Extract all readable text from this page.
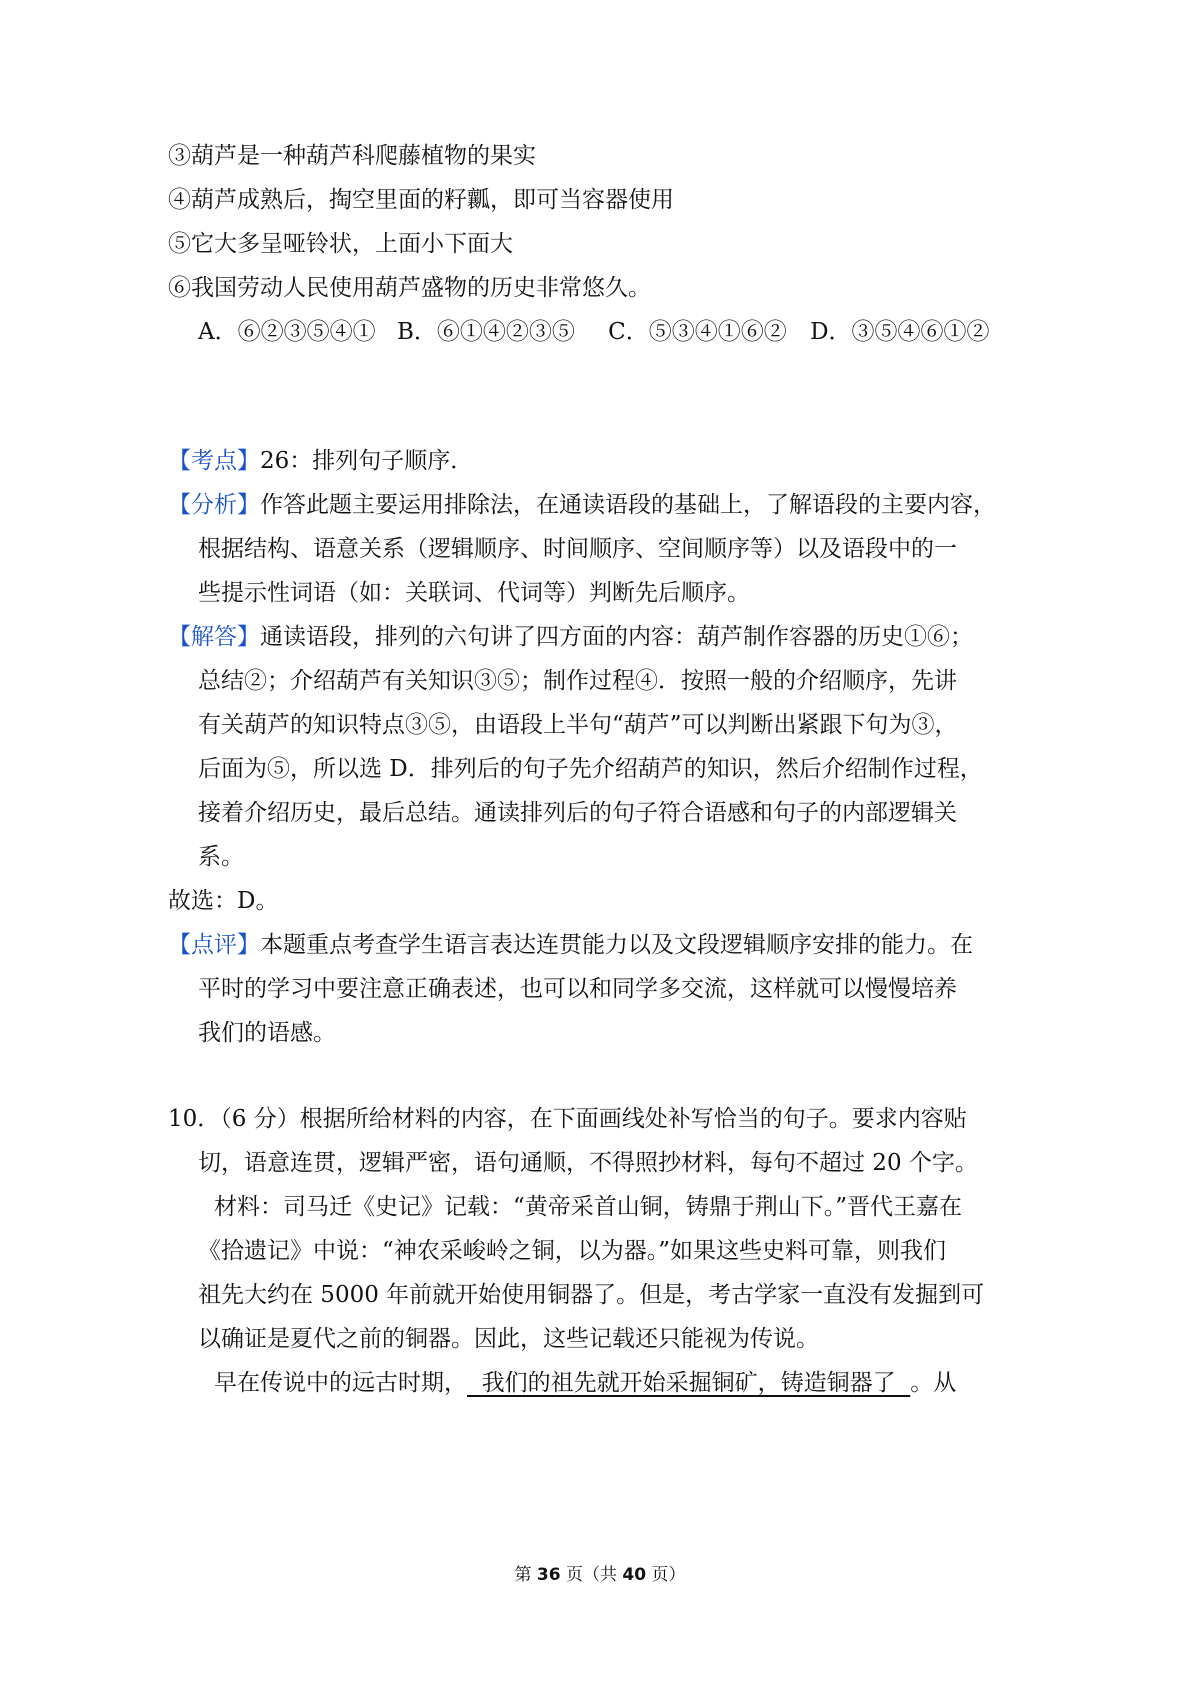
③葫芦是一种葫芦科爬藤植物的果实
④葫芦成熟后，掏空里面的籽瓤，即可当容器使用
⑤它大多呈哑铃状，上面小下面大
⑥我国劳动人民使用葫芦盛物的历史非常悠久。
A．⑥②③⑤④① B．⑥①④②③⑤ C．⑤③④①⑥② D．③⑤④⑥①②
【考点】26：排列句子顺序．
【分析】作答此题主要运用排除法，在通读语段的基础上，了解语段的主要内容，
根据结构、语意关系（逻辑顺序、时间顺序、空间顺序等）以及语段中的一
些提示性词语（如：关联词、代词等）判断先后顺序。
【解答】通读语段，排列的六句讲了四方面的内容：葫芦制作容器的历史①⑥；
总结②；介绍葫芦有关知识③⑤；制作过程④．按照一般的介绍顺序，先讲
有关葫芦的知识特点③⑤，由语段上半句“葫芦”可以判断出紧跟下句为③，
后面为⑤，所以选 D．排列后的句子先介绍葫芦的知识，然后介绍制作过程，
接着介绍历史，最后总结。通读排列后的句子符合语感和句子的内部逻辑关
系。
故选：D。
【点评】本题重点考查学生语言表达连贯能力以及文段逻辑顺序安排的能力。在
平时的学习中要注意正确表述，也可以和同学多交流，这样就可以慢慢培养
我们的语感。
10．（6 分）根据所给材料的内容，在下面画线处补写恰当的句子。要求内容贴
切，语意连贯，逻辑严密，语句通顺，不得照抄材料，每句不超过 20 个字。
材料：司马迁《史记》记载：“黄帝采首山铜，铸鼎于荆山下。”晋代王嘉在
《拾遗记》中说：“神农采峻岭之铜，以为器。”如果这些史料可靠，则我们
祖先大约在 5000 年前就开始使用铜器了。但是，考古学家一直没有发掘到可
以确证是夏代之前的铜器。因此，这些记载还只能视为传说。
早在传说中的远古时期，  我们的祖先就开始采掘铜矿，铸造铜器了  。从
第 36 页（共 40 页）
